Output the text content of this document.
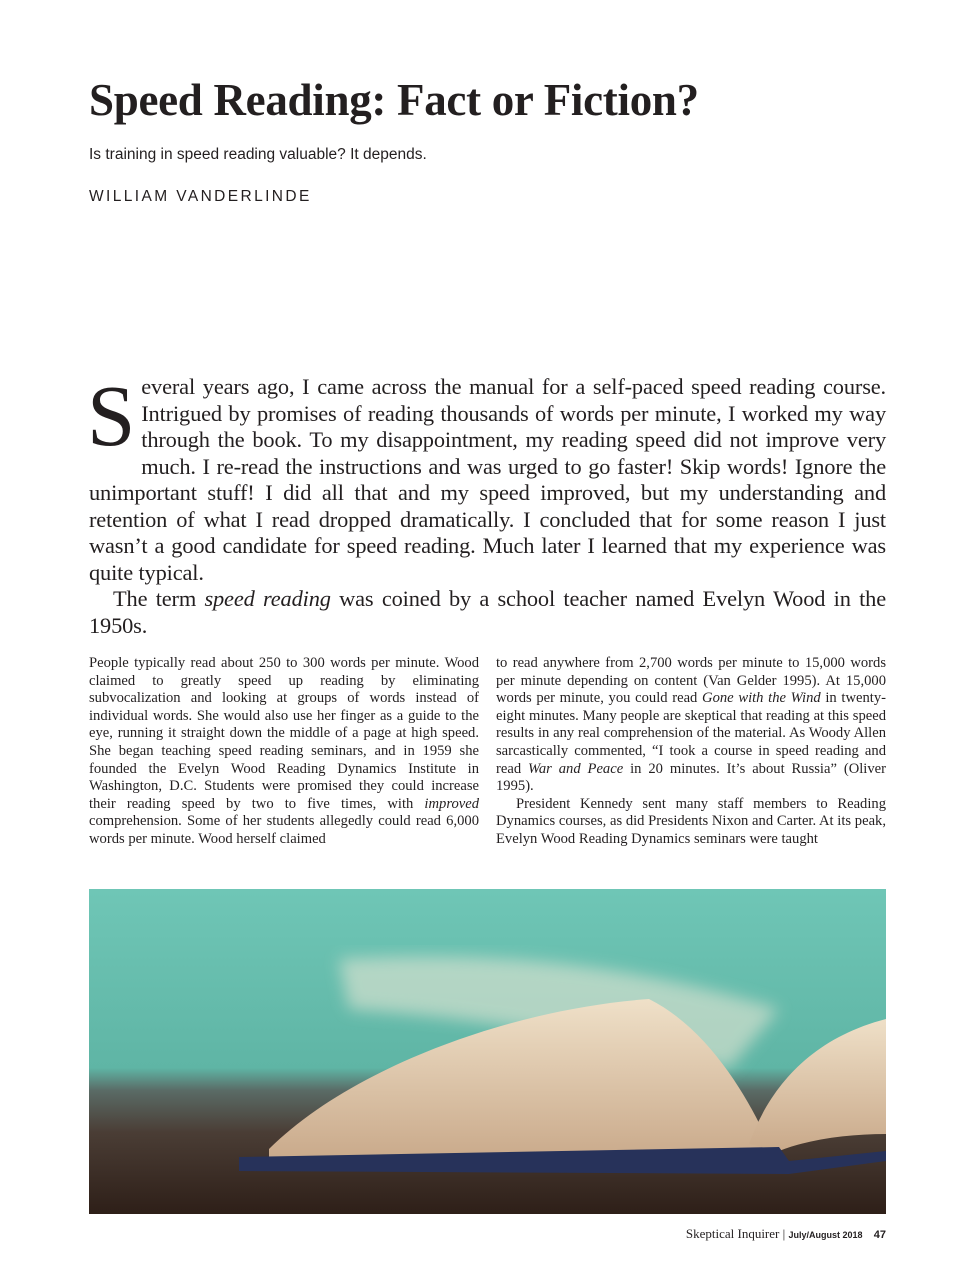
Speed Reading: Fact or Fiction?
Is training in speed reading valuable? It depends.
WILLIAM VANDERLINDE

Several years ago, I came across the manual for a self-paced speed reading course. Intrigued by promises of reading thousands of words per minute, I worked my way through the book. To my disappointment, my reading speed did not improve very much. I re-read the instructions and was urged to go faster! Skip words! Ignore the unimportant stuff! I did all that and my speed improved, but my understanding and retention of what I read dropped dramatically. I concluded that for some reason I just wasn’t a good candidate for speed reading. Much later I learned that my experience was quite typical.

The term speed reading was coined by a school teacher named Evelyn Wood in the 1950s.

People typically read about 250 to 300 words per minute. Wood claimed to greatly speed up reading by eliminating subvocalization and looking at groups of words instead of individual words. She would also use her finger as a guide to the eye, running it straight down the middle of a page at high speed. She began teaching speed reading seminars, and in 1959 she founded the Evelyn Wood Reading Dynamics Institute in Washington, D.C. Students were promised they could increase their reading speed by two to five times, with improved comprehension. Some of her students allegedly could read 6,000 words per minute. Wood herself claimed

to read anywhere from 2,700 words per minute to 15,000 words per minute depending on content (Van Gelder 1995). At 15,000 words per minute, you could read Gone with the Wind in twenty-eight minutes. Many people are skeptical that reading at this speed results in any real comprehension of the material. As Woody Allen sarcastically commented, “I took a course in speed reading and read War and Peace in 20 minutes. It’s about Russia” (Oliver 1995).

President Kennedy sent many staff members to Reading Dynamics courses, as did Presidents Nixon and Carter. At its peak, Evelyn Wood Reading Dynamics seminars were taught

Skeptical Inquirer | July/August 2018 47
